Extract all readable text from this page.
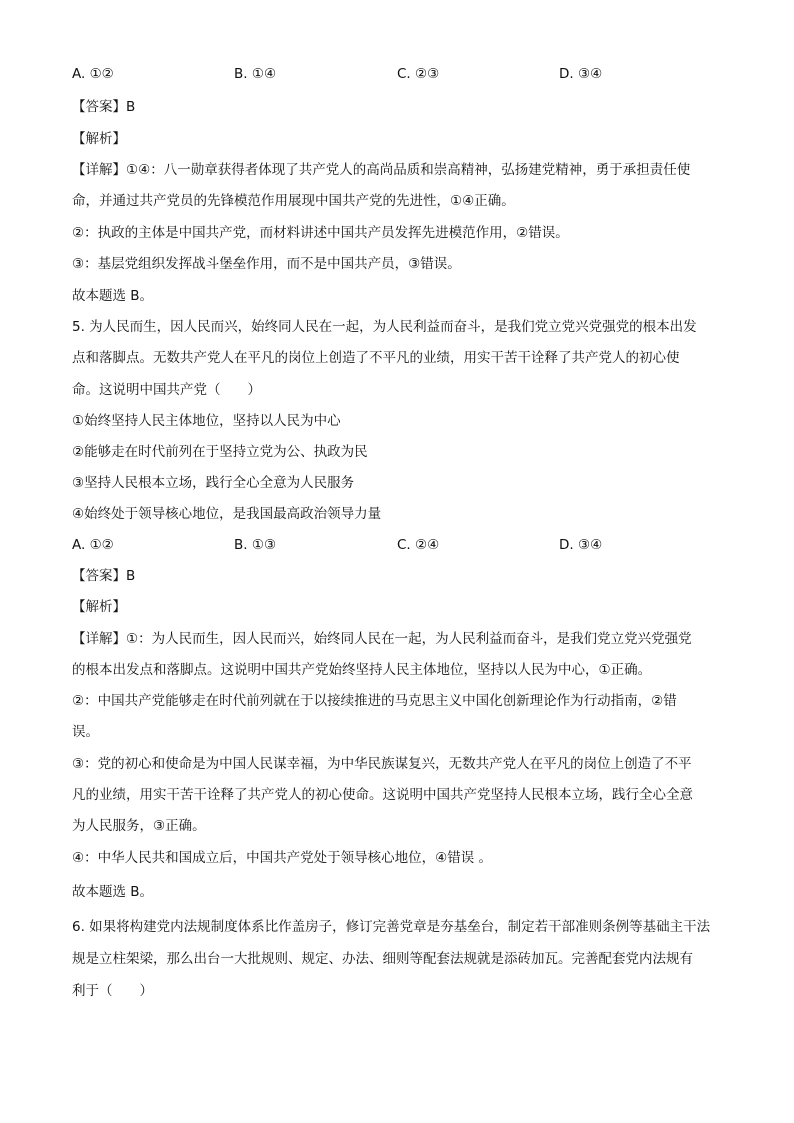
A. ①②	B. ①④	C. ②③	D. ③④
【答案】B
【解析】
【详解】①④：八一勋章获得者体现了共产党人的高尚品质和崇高精神，弘扬建党精神，勇于承担责任使
命，并通过共产党员的先锋模范作用展现中国共产党的先进性，①④正确。
②：执政的主体是中国共产党，而材料讲述中国共产员发挥先进模范作用，②错误。
③：基层党组织发挥战斗堡垒作用，而不是中国共产员，③错误。
故本题选 B。
5. 为人民而生，因人民而兴，始终同人民在一起，为人民利益而奋斗，是我们党立党兴党强党的根本出发
点和落脚点。无数共产党人在平凡的岗位上创造了不平凡的业绩，用实干苦干诠释了共产党人的初心使
命。这说明中国共产党（　　）
①始终坚持人民主体地位，坚持以人民为中心
②能够走在时代前列在于坚持立党为公、执政为民
③坚持人民根本立场，践行全心全意为人民服务
④始终处于领导核心地位，是我国最高政治领导力量
A. ①②	B. ①③	C. ②④	D. ③④
【答案】B
【解析】
【详解】①：为人民而生，因人民而兴，始终同人民在一起，为人民利益而奋斗，是我们党立党兴党强党
的根本出发点和落脚点。这说明中国共产党始终坚持人民主体地位，坚持以人民为中心，①正确。
②：中国共产党能够走在时代前列就在于以接续推进的马克思主义中国化创新理论作为行动指南，②错
误。
③：党的初心和使命是为中国人民谋幸福，为中华民族谋复兴，无数共产党人在平凡的岗位上创造了不平
凡的业绩，用实干苦干诠释了共产党人的初心使命。这说明中国共产党坚持人民根本立场，践行全心全意
为人民服务，③正确。
④：中华人民共和国成立后，中国共产党处于领导核心地位，④错误 。
故本题选 B。
6. 如果将构建党内法规制度体系比作盖房子，修订完善党章是夯基垒台，制定若干部准则条例等基础主干法
规是立柱架梁，那么出台一大批规则、规定、办法、细则等配套法规就是添砖加瓦。完善配套党内法规有
利于（　　）
